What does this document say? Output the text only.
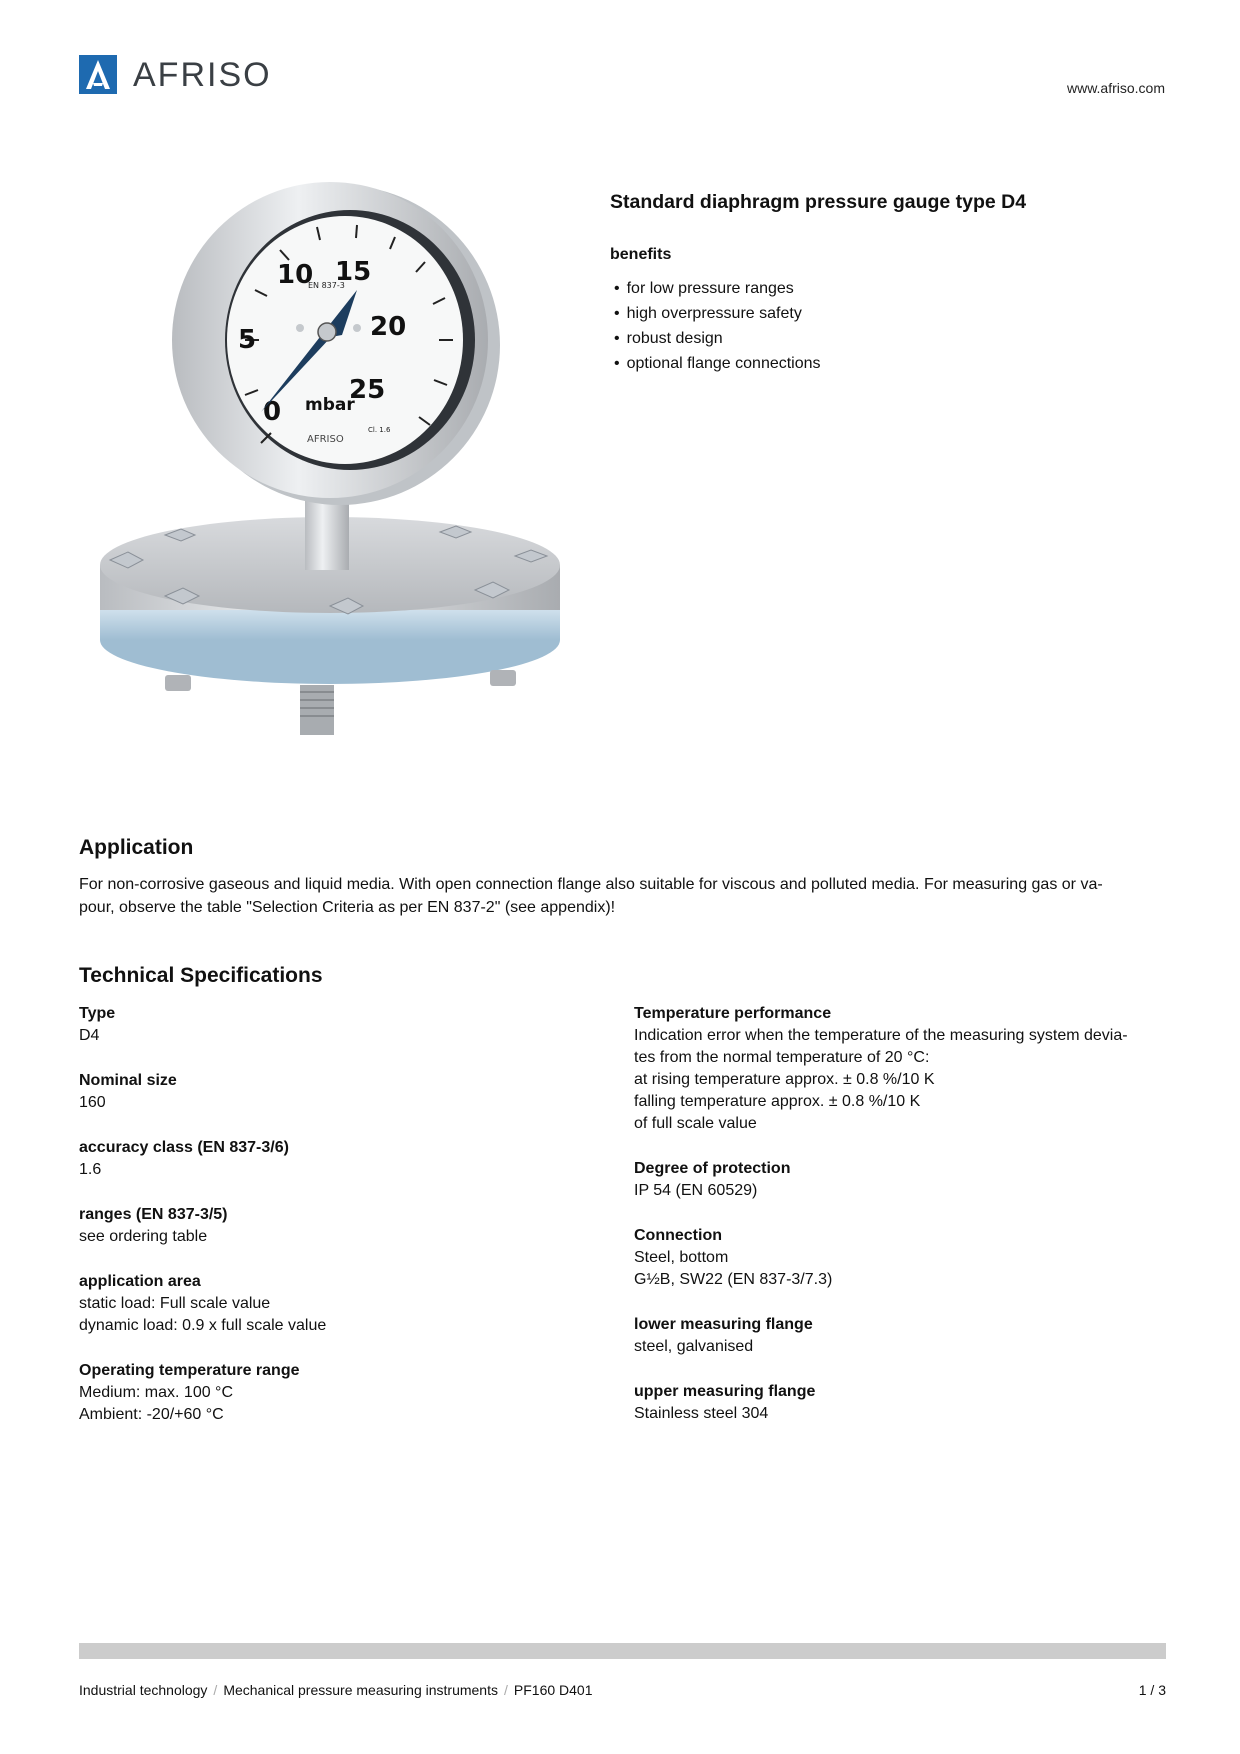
AFRISO	www.afriso.com
0
5
10 15
20
25
mbar
EN 837-3
Cl. 1.6
AFRISO
Standard diaphragm pressure gauge type D4
benefits
• for low pressure ranges
• high overpressure safety
• robust design
• optional flange connections
Application
For non-corrosive gaseous and liquid media. With open connection flange also suitable for viscous and polluted media. For measuring gas or va-
pour, observe the table "Selection Criteria as per EN 837-2" (see appendix)!
Technical Specifications
Type
D4
Nominal size
160
accuracy class (EN 837-3/6)
1.6
ranges (EN 837-3/5)
see ordering table
application area
static load: Full scale value
dynamic load: 0.9 x full scale value
Operating temperature range
Medium: max. 100 °C
Ambient: -20/+60 °C
Temperature performance
Indication error when the temperature of the measuring system devia-
tes from the normal temperature of 20 °C:
at rising temperature approx. ± 0.8 %/10 K
falling temperature approx. ± 0.8 %/10 K
of full scale value
Degree of protection
IP 54 (EN 60529)
Connection
Steel, bottom
G½B, SW22 (EN 837-3/7.3)
lower measuring flange
steel, galvanised
upper measuring flange
Stainless steel 304
Industrial technology / Mechanical pressure measuring instruments / PF160 D401	1 / 3
